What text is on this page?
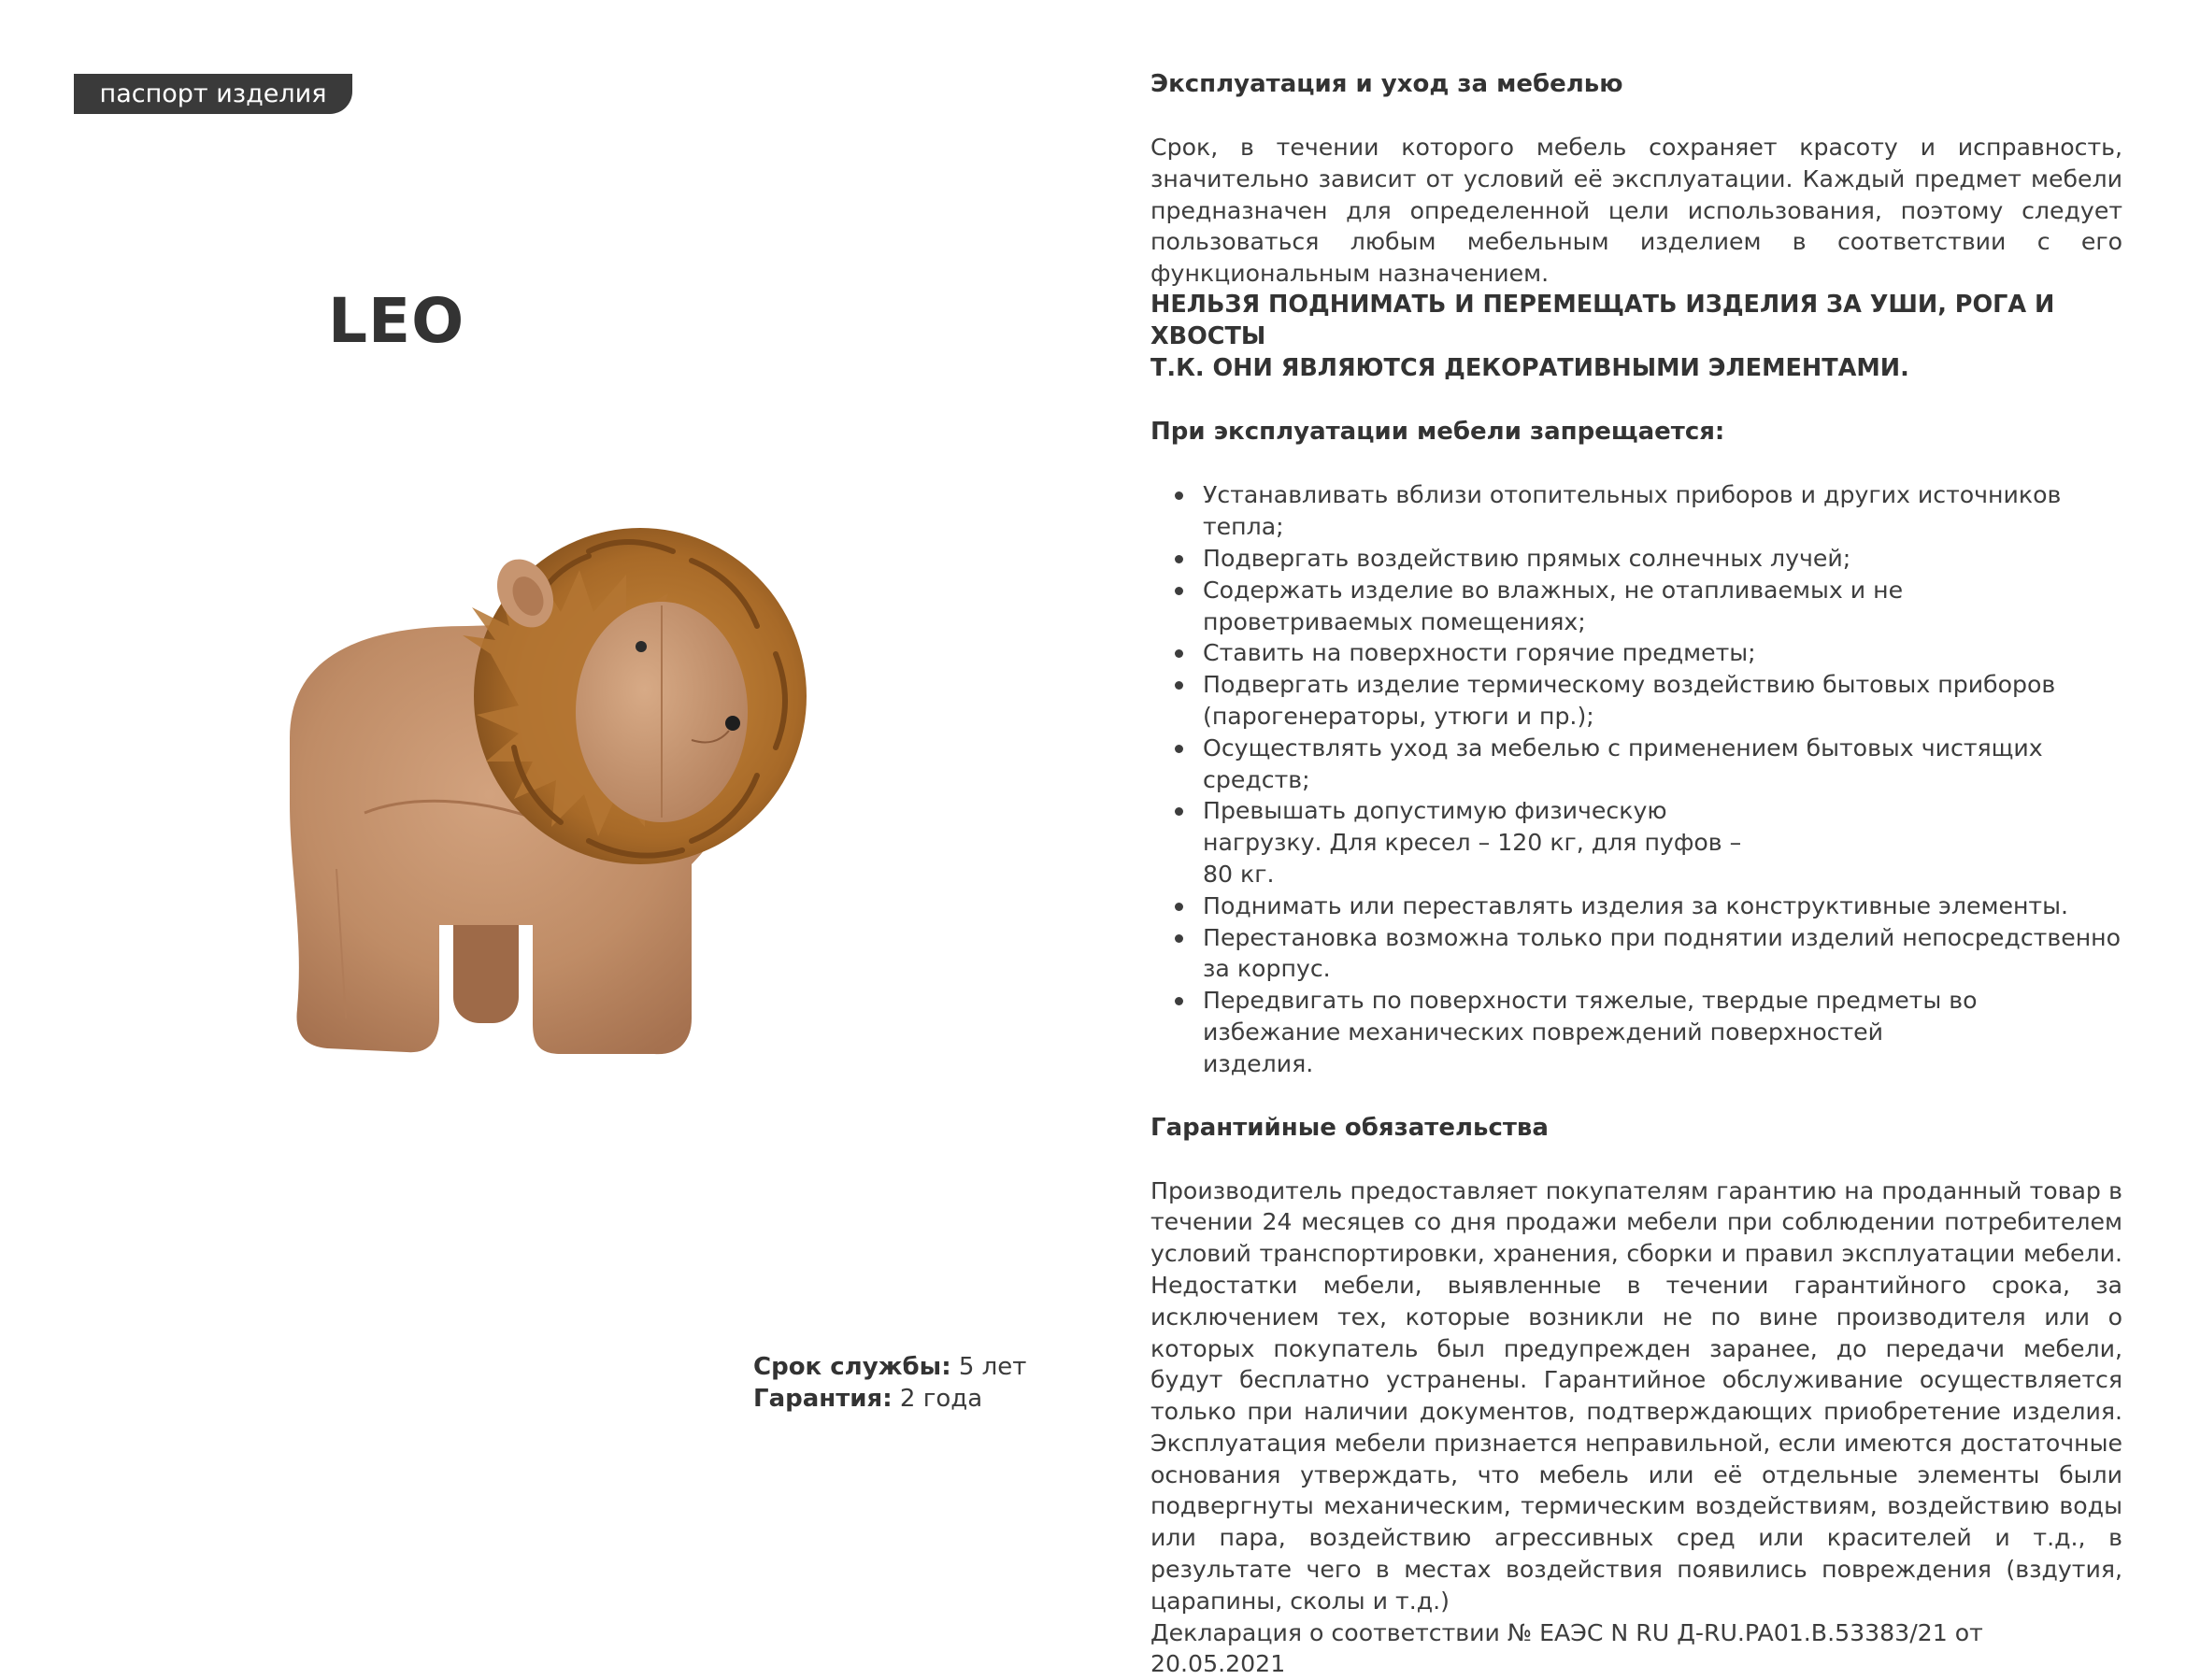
паспорт изделия
LEO
Срок службы: 5 лет
Гарантия: 2 года
Эксплуатация и уход за мебелью

Срок, в течении которого мебель сохраняет красоту и исправность, значительно зависит от условий её эксплуатации. Каждый предмет мебели предназначен для определенной цели использования, поэтому следует пользоваться любым мебельным изделием в соответствии с его функциональным назначением.

НЕЛЬЗЯ ПОДНИМАТЬ И ПЕРЕМЕЩАТЬ ИЗДЕЛИЯ ЗА УШИ, РОГА И ХВОСТЫ

Т.К. ОНИ ЯВЛЯЮТСЯ ДЕКОРАТИВНЫМИ ЭЛЕМЕНТАМИ.

При эксплуатации мебели запрещается:
Устанавливать вблизи отопительных приборов и других источников тепла;
Подвергать воздействию прямых солнечных лучей;
Содержать изделие во влажных, не отапливаемых и не проветриваемых помещениях;
Ставить на поверхности горячие предметы;
Подвергать изделие термическому воздействию бытовых приборов (парогенераторы, утюги и пр.);
Осуществлять уход за мебелью с применением бытовых чистящих средств;
Превышать допустимую физическую нагрузку. Для кресел – 120 кг, для пуфов – 80 кг.
Поднимать или переставлять изделия за конструктивные элементы.
Перестановка возможна только при поднятии изделий непосредственно за корпус.
Передвигать по поверхности тяжелые, твердые предметы во избежание механических повреждений поверхностей изделия.
Гарантийные обязательства

Производитель предоставляет покупателям гарантию на проданный товар в течении 24 месяцев со дня продажи мебели при соблюдении потребителем условий транспортировки, хранения, сборки и правил эксплуатации мебели. Недостатки мебели, выявленные в течении гарантийного срока, за исключением тех, которые возникли не по вине производителя или о которых покупатель был предупрежден заранее, до передачи мебели, будут бесплатно устранены. Гарантийное обслуживание осуществляется только при наличии документов, подтверждающих приобретение изделия. Эксплуатация мебели признается неправильной, если имеются достаточные основания утверждать, что мебель или её отдельные элементы были подвергнуты механическим, термическим воздействиям, воздействию воды или пара, воздействию агрессивных сред или красителей и т.д., в результате чего в местах воздействия появились повреждения (вздутия, царапины, сколы и т.д.)

Декларация о соответствии № ЕАЭС N RU Д-RU.PA01.B.53383/21 от 20.05.2021
